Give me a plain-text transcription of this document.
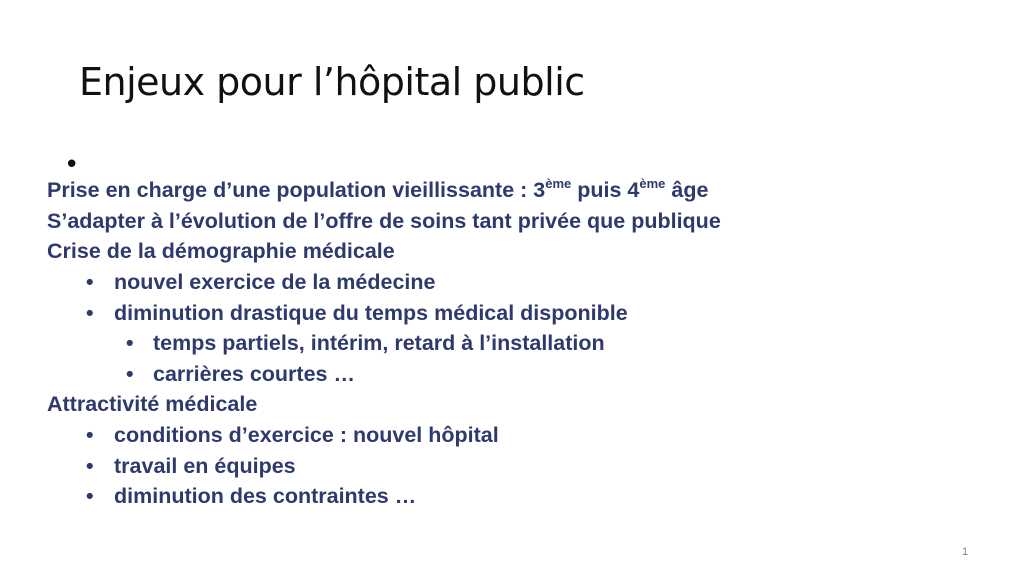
Enjeux pour l’hôpital public
•
Prise en charge d’une population vieillissante : 3ème puis 4ème âge
S’adapter à l’évolution de l’offre de soins tant privée que publique
Crise de la démographie médicale
• nouvel exercice de la médecine
• diminution drastique du temps médical disponible
• temps partiels, intérim, retard à l’installation
• carrières courtes …
Attractivité médicale
• conditions d’exercice : nouvel hôpital
• travail en équipes
• diminution des contraintes …
1
